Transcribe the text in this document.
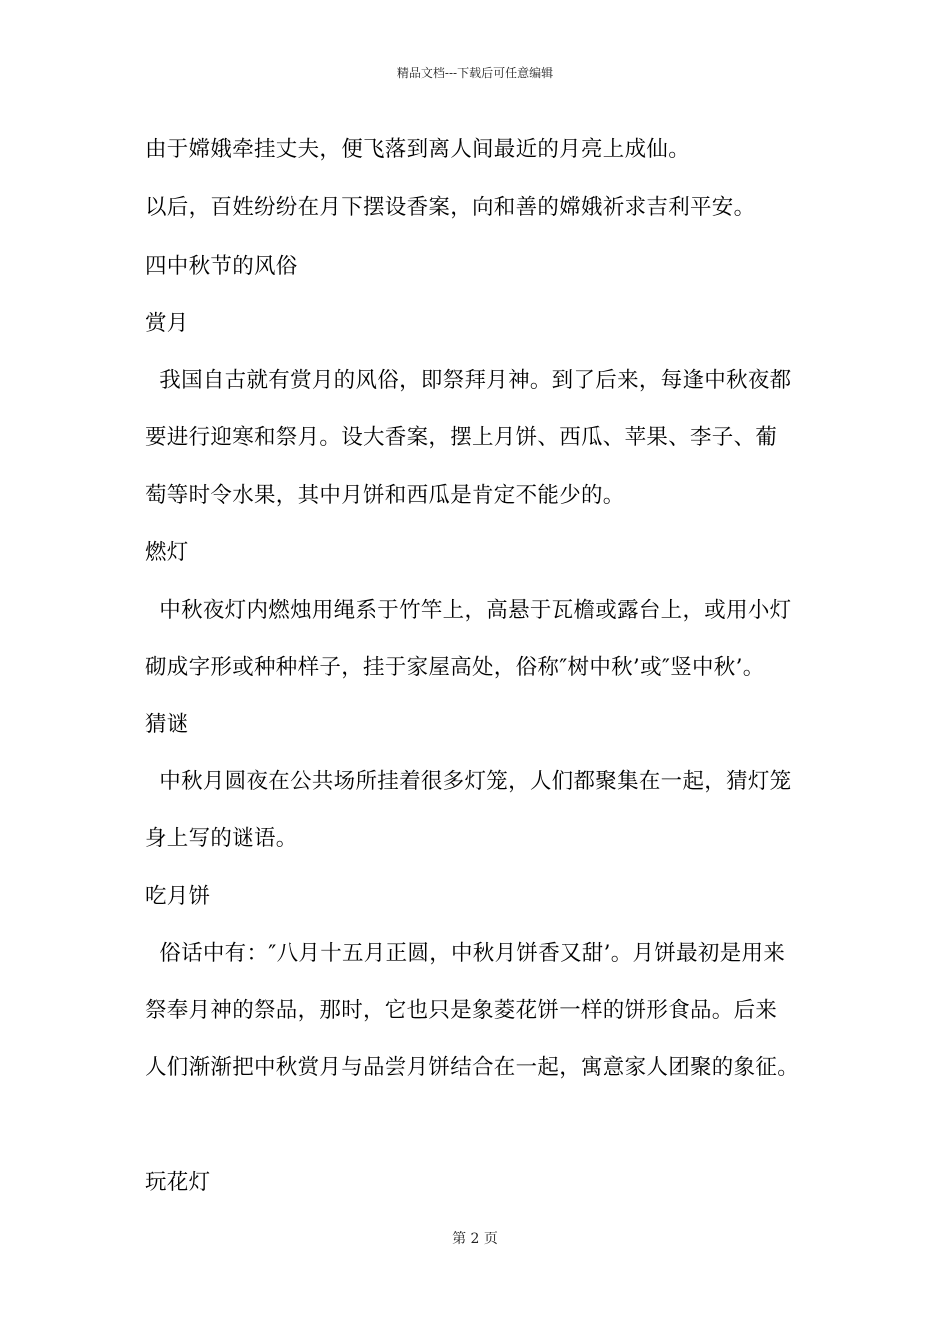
精品文档---下载后可任意编辑
由于嫦娥牵挂丈夫，便飞落到离人间最近的月亮上成仙。
以后，百姓纷纷在月下摆设香案，向和善的嫦娥祈求吉利平安。
四中秋节的风俗
赏月
我国自古就有赏月的风俗，即祭拜月神。到了后来，每逢中秋夜都
要进行迎寒和祭月。设大香案，摆上月饼、西瓜、苹果、李子、葡
萄等时令水果，其中月饼和西瓜是肯定不能少的。
燃灯
中秋夜灯内燃烛用绳系于竹竿上，高悬于瓦檐或露台上，或用小灯
砌成字形或种种样子，挂于家屋高处，俗称″树中秋’或″竖中秋’。
猜谜
中秋月圆夜在公共场所挂着很多灯笼，人们都聚集在一起，猜灯笼
身上写的谜语。
吃月饼
俗话中有：″八月十五月正圆，中秋月饼香又甜’。月饼最初是用来
祭奉月神的祭品，那时，它也只是象菱花饼一样的饼形食品。后来
人们渐渐把中秋赏月与品尝月饼结合在一起，寓意家人团聚的象征。
玩花灯
第 2 页
